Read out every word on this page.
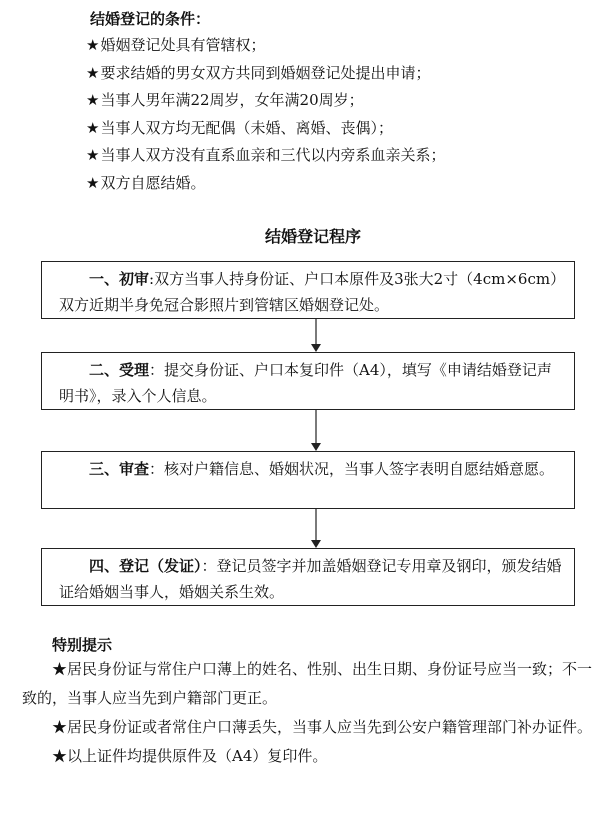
结婚登记的条件：
★婚姻登记处具有管辖权；
★要求结婚的男女双方共同到婚姻登记处提出申请；
★当事人男年满22周岁，女年满20周岁；
★当事人双方均无配偶（未婚、离婚、丧偶）；
★当事人双方没有直系血亲和三代以内旁系血亲关系；
★双方自愿结婚。
结婚登记程序
一、初审:双方当事人持身份证、户口本原件及3张大2寸（4cm×6cm）双方近期半身免冠合影照片到管辖区婚姻登记处。
二、受理：提交身份证、户口本复印件（A4），填写《申请结婚登记声明书》，录入个人信息。
三、审查：核对户籍信息、婚姻状况，当事人签字表明自愿结婚意愿。
四、登记（发证）：登记员签字并加盖婚姻登记专用章及钢印，颁发结婚证给婚姻当事人，婚姻关系生效。
特别提示
★居民身份证与常住户口薄上的姓名、性别、出生日期、身份证号应当一致；不一致的，当事人应当先到户籍部门更正。
★居民身份证或者常住户口薄丢失，当事人应当先到公安户籍管理部门补办证件。
★以上证件均提供原件及（A4）复印件。
